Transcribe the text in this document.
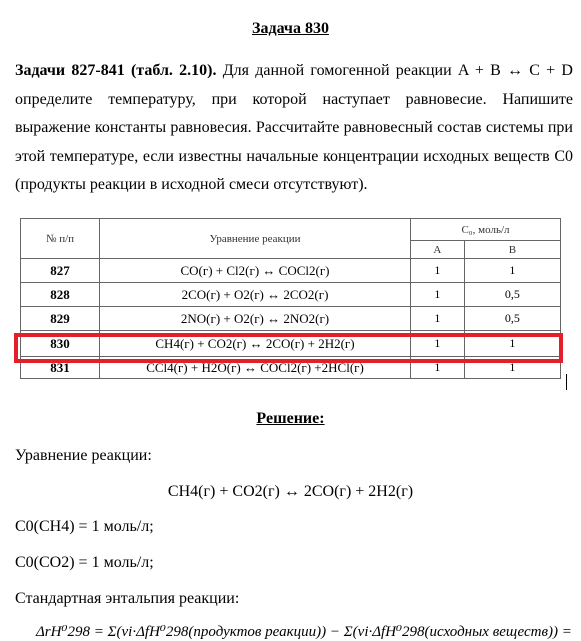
Задача 830
Задачи 827-841 (табл. 2.10). Для данной гомогенной реакции A + B ↔ C + D определите температуру, при которой наступает равновесие. Напишите выражение константы равновесия. Рассчитайте равновесный состав системы при этой температуре, если известны начальные концентрации исходных веществ C0 (продукты реакции в исходной смеси отсутствуют).
№ п/п	Уравнение реакции	C₀, моль/л	
		A	B
827	CO(г) + Cl2(г) ↔ COCl2(г)	1	1
828	2CO(г) + O2(г) ↔ 2CO2(г)	1	0,5
829	2NO(г) + O2(г) ↔ 2NO2(г)	1	0,5
830	CH4(г) + CO2(г) ↔ 2CO(г) + 2H2(г)	1	1
831	CCl4(г) + H2O(г) ↔ COCl2(г) +2HCl(г)	1	1
Решение:
Уравнение реакции:
CH4(г) + CO2(г) ↔ 2CO(г) + 2H2(г)
C0(CH4) = 1 моль/л;
C0(CO2) = 1 моль/л;
Стандартная энтальпия реакции:
ΔrH⁰298 = Σ(νi·ΔfH⁰298(продуктов реакции)) − Σ(νi·ΔfH⁰298(исходных веществ)) =
